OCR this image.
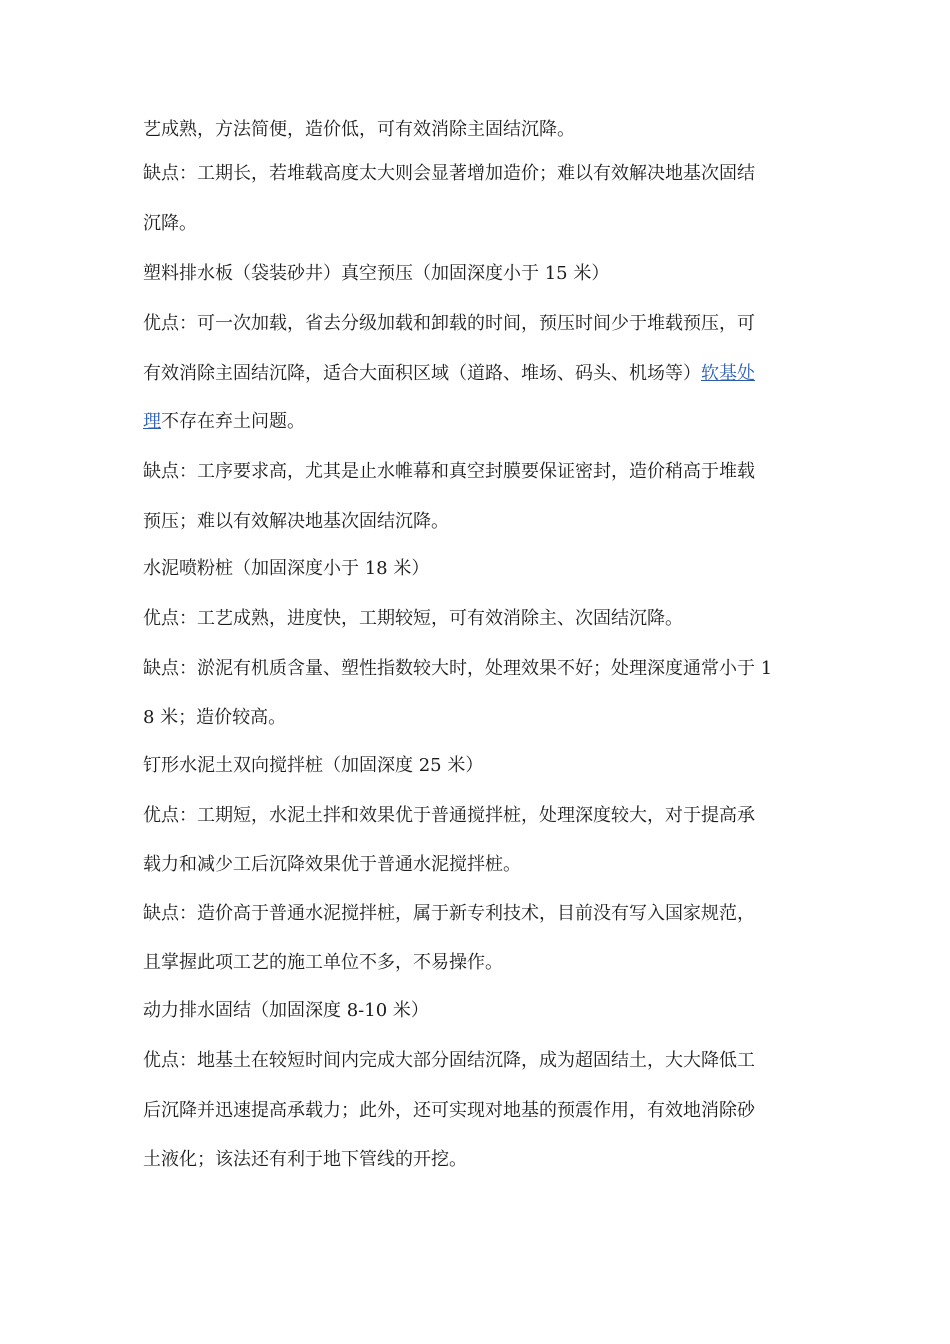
艺成熟，方法简便，造价低，可有效消除主固结沉降。
缺点：工期长，若堆载高度太大则会显著增加造价；难以有效解决地基次固结
沉降。
塑料排水板（袋装砂井）真空预压（加固深度小于 15 米）
优点：可一次加载，省去分级加载和卸载的时间，预压时间少于堆载预压，可
有效消除主固结沉降，适合大面积区域（道路、堆场、码头、机场等）软基处
理不存在弃土问题。
缺点：工序要求高，尤其是止水帷幕和真空封膜要保证密封，造价稍高于堆载
预压；难以有效解决地基次固结沉降。
水泥喷粉桩（加固深度小于 18 米）
优点：工艺成熟，进度快，工期较短，可有效消除主、次固结沉降。
缺点：淤泥有机质含量、塑性指数较大时，处理效果不好；处理深度通常小于 1
8 米；造价较高。
钉形水泥土双向搅拌桩（加固深度 25 米）
优点：工期短，水泥土拌和效果优于普通搅拌桩，处理深度较大，对于提高承
载力和减少工后沉降效果优于普通水泥搅拌桩。
缺点：造价高于普通水泥搅拌桩，属于新专利技术，目前没有写入国家规范，
且掌握此项工艺的施工单位不多，不易操作。
动力排水固结（加固深度 8-10 米）
优点：地基土在较短时间内完成大部分固结沉降，成为超固结土，大大降低工
后沉降并迅速提高承载力；此外，还可实现对地基的预震作用，有效地消除砂
土液化；该法还有利于地下管线的开挖。
